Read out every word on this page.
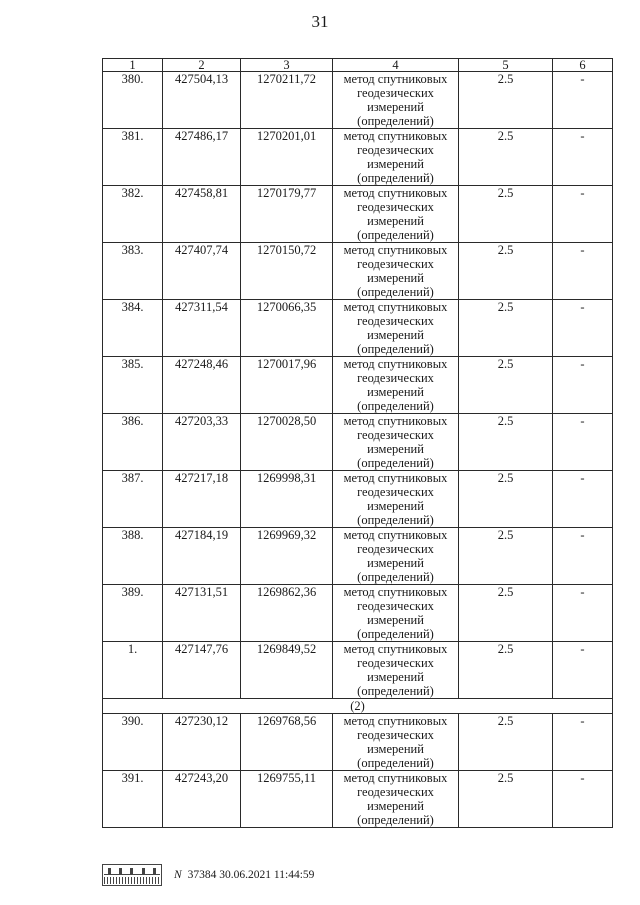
31
1	2	3	4	5	6
380.	427504,13	1270211,72	метод спутниковых геодезических измерений (определений)	2.5	-
381.	427486,17	1270201,01	метод спутниковых геодезических измерений (определений)	2.5	-
382.	427458,81	1270179,77	метод спутниковых геодезических измерений (определений)	2.5	-
383.	427407,74	1270150,72	метод спутниковых геодезических измерений (определений)	2.5	-
384.	427311,54	1270066,35	метод спутниковых геодезических измерений (определений)	2.5	-
385.	427248,46	1270017,96	метод спутниковых геодезических измерений (определений)	2.5	-
386.	427203,33	1270028,50	метод спутниковых геодезических измерений (определений)	2.5	-
387.	427217,18	1269998,31	метод спутниковых геодезических измерений (определений)	2.5	-
388.	427184,19	1269969,32	метод спутниковых геодезических измерений (определений)	2.5	-
389.	427131,51	1269862,36	метод спутниковых геодезических измерений (определений)	2.5	-
1.	427147,76	1269849,52	метод спутниковых геодезических измерений (определений)	2.5	-
(2)					
390.	427230,12	1269768,56	метод спутниковых геодезических измерений (определений)	2.5	-
391.	427243,20	1269755,11	метод спутниковых геодезических измерений (определений)	2.5	-
N 37384 30.06.2021 11:44:59
